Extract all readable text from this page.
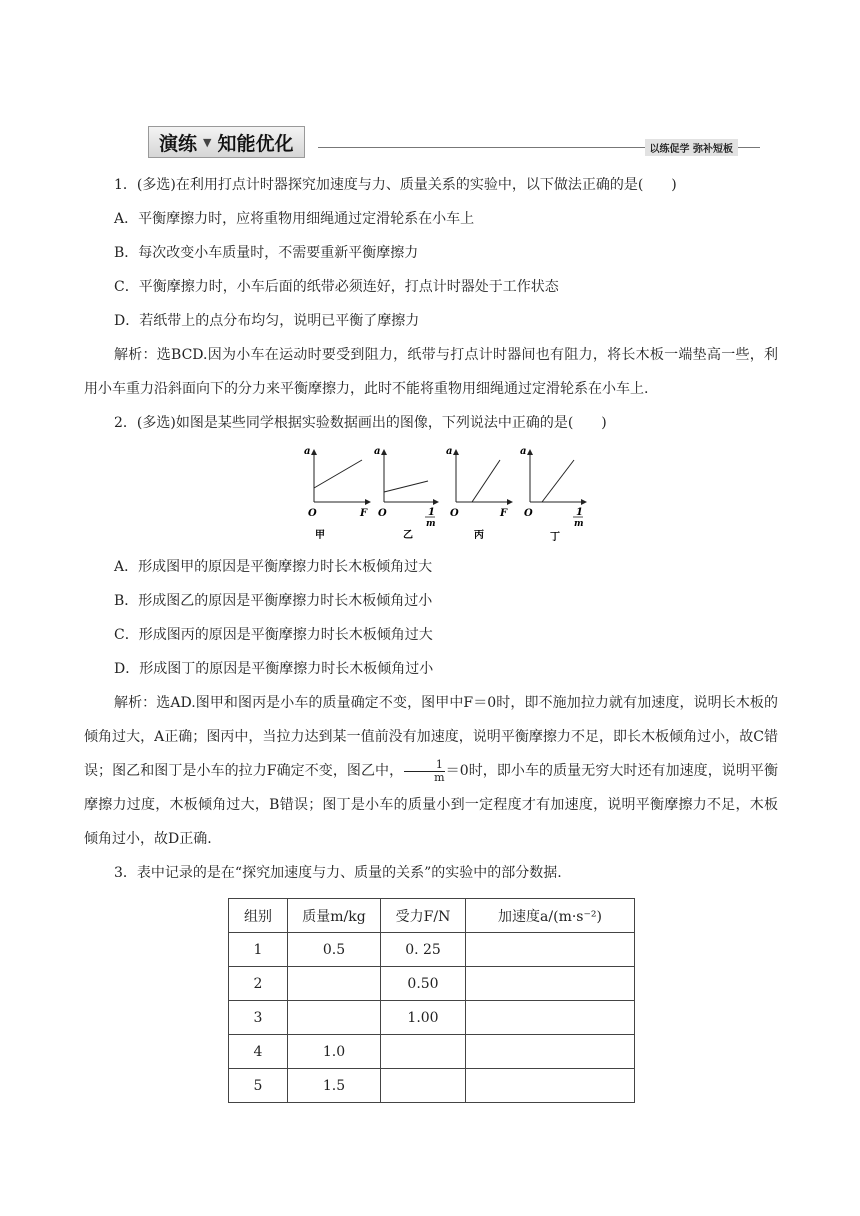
演练 ▼ 知能优化	以练促学 弥补短板
1．(多选)在利用打点计时器探究加速度与力、质量关系的实验中，以下做法正确的是(　　)
A．平衡摩擦力时，应将重物用细绳通过定滑轮系在小车上
B．每次改变小车质量时，不需要重新平衡摩擦力
C．平衡摩擦力时，小车后面的纸带必须连好，打点计时器处于工作状态
D．若纸带上的点分布均匀，说明已平衡了摩擦力
解析：选BCD.因为小车在运动时要受到阻力，纸带与打点计时器间也有阻力，将长木板一端垫高一些，利用小车重力沿斜面向下的分力来平衡摩擦力，此时不能将重物用细绳通过定滑轮系在小车上.
2．(多选)如图是某些同学根据实验数据画出的图像，下列说法中正确的是(　　)
a
O	F
甲
a
O	1
m
乙
a
O	F
丙
a
O	1
m
丁
A．形成图甲的原因是平衡摩擦力时长木板倾角过大
B．形成图乙的原因是平衡摩擦力时长木板倾角过小
C．形成图丙的原因是平衡摩擦力时长木板倾角过大
D．形成图丁的原因是平衡摩擦力时长木板倾角过小
解析：选AD.图甲和图丙是小车的质量确定不变，图甲中F＝0时，即不施加拉力就有加速度，说明长木板的倾角过大，A正确；图丙中，当拉力达到某一值前没有加速度，说明平衡摩擦力不足，即长木板倾角过小，故C错误；图乙和图丁是小车的拉力F确定不变，图乙中， $\frac{1}{m} =0$时，即小车的质量无穷大时还有加速度，说明平衡摩擦力过度，木板倾角过大，B错误；图丁是小车的质量小到一定程度才有加速度，说明平衡摩擦力不足，木板倾角过小，故D正确.
3．表中记录的是在“探究加速度与力、质量的关系”的实验中的部分数据.
组别	质量m/kg	受力F/N	加速度a/(m·s⁻²)
1	0.5	0. 25	
2		0.50	
3		1.00	
4	1.0		
5	1.5		
